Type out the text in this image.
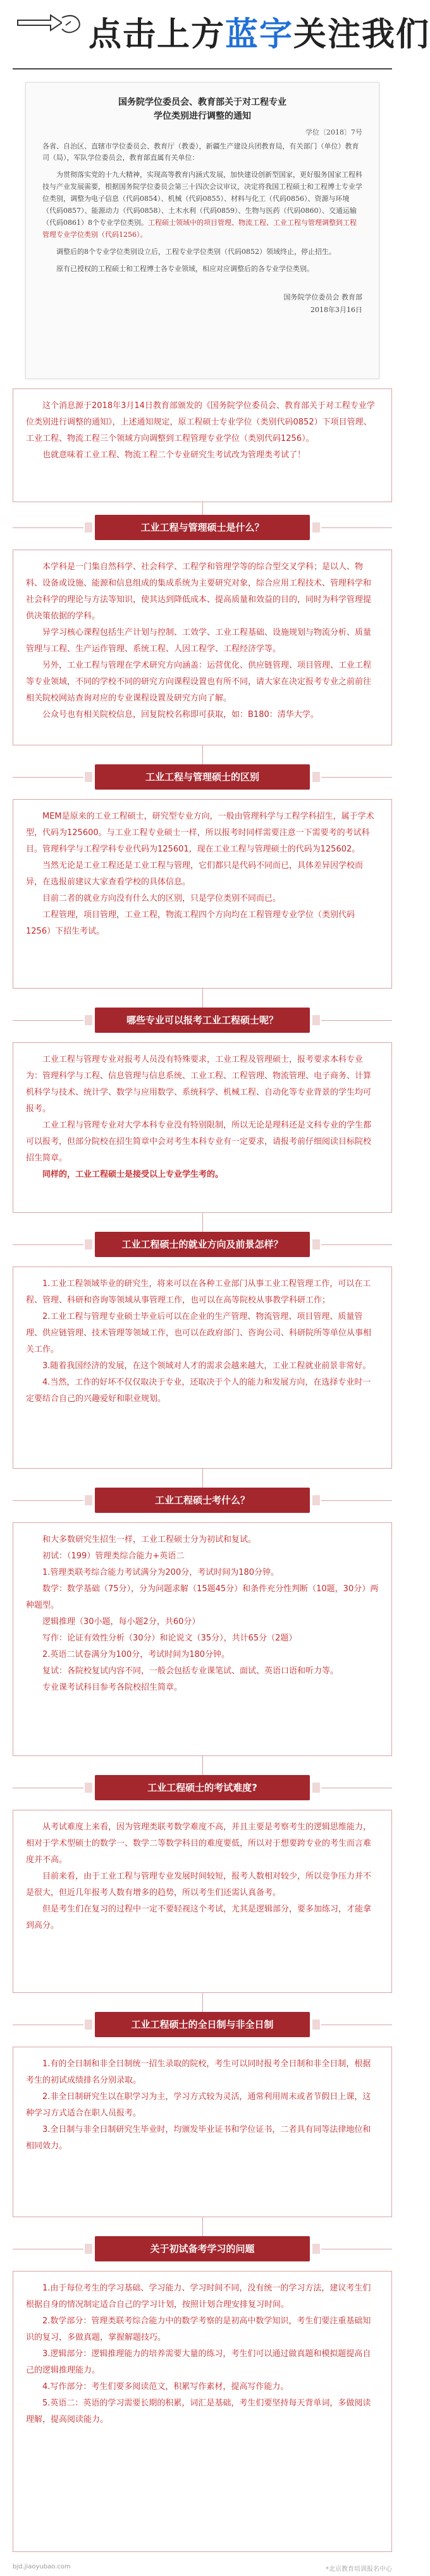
点击上方蓝字关注我们
国务院学位委员会、教育部关于对工程专业
学位类别进行调整的通知
学位〔2018〕7号
各省、自治区、直辖市学位委员会、教育厅（教委），新疆生产建设兵团教育局，有关部门（单位）教育司（局），军队学位委员会，教育部直属有关单位：
为贯彻落实党的十九大精神，实现高等教育内涵式发展，加快建设创新型国家，更好服务国家工程科技与产业发展需要，根据国务院学位委员会第三十四次会议审议，决定将我国工程硕士和工程博士专业学位类别，调整为电子信息（代码0854）、机械（代码0855）、材料与化工（代码0856）、资源与环境（代码0857）、能源动力（代码0858）、土木水利（代码0859）、生物与医药（代码0860）、交通运输（代码0861）8个专业学位类别。工程硕士领域中的项目管理、物流工程、工业工程与管理调整到工程管理专业学位类别（代码1256）。
调整后的8个专业学位类别设立后，工程专业学位类别（代码0852）领域终止，停止招生。
原有已授权的工程硕士和工程博士各专业领域，相应对应调整后的各专业学位类别。
国务院学位委员会 教育部
2018年3月16日

这个消息源于2018年3月14日教育部颁发的《国务院学位委员会、教育部关于对工程专业学位类别进行调整的通知》，上述通知规定，原工程硕士专业学位（类别代码0852）下项目管理、工业工程、物流工程三个领域方向调整到工程管理专业学位（类别代码1256）。

也就意味着工业工程、物流工程二个专业研究生考试改为管理类考试了！

工业工程与管理硕士是什么？

本学科是一门集自然科学、社会科学、工程学和管理学等的综合型交叉学科；是以人、物料、设备或设施、能源和信息组成的集成系统为主要研究对象，综合应用工程技术、管理科学和社会科学的理论与方法等知识，使其达到降低成本、提高质量和效益的目的，同时为科学管理提供决策依据的学科。

异学习核心课程包括生产计划与控制、工效学、工业工程基础、设施规划与物流分析、质量管理与工程、生产运作管理、系统工程、人因工程学、工程经济学等。

另外，工业工程与管理在学术研究方向涵盖：运营优化、供应链管理、项目管理、工业工程等专业领域，不同的学校不同的研究方向课程设置也有所不同，请大家在决定报考专业之前前往相关院校网站查询对应的专业课程设置及研究方向了解。

公众号也有相关院校信息，回复院校名称即可获取，如：B180：清华大学。

工业工程与管理硕士的区别

MEM是原来的工业工程硕士，研究型专业方向，一般由管理科学与工程学科招生，属于学术型，代码为125600。与工业工程专业硕士一样，所以报考时同样需要注意一下需要考的考试科目。管理科学与工程学科专业代码为125601，现在工业工程与管理硕士的代码为125602。

当然无论是工业工程还是工业工程与管理，它们都只是代码不同而已，具体差异因学校而异，在选报前建议大家查看学校的具体信息。

目前二者的就业方向没有什么大的区别，只是学位类别不同而已。

工程管理，项目管理，工业工程，物流工程四个方向均在工程管理专业学位（类别代码1256）下招生考试。

哪些专业可以报考工业工程硕士呢？

工业工程与管理专业对报考人员没有特殊要求，工业工程及管理硕士，报考要求本科专业为：管理科学与工程、信息管理与信息系统、工业工程、工程管理、物流管理、电子商务、计算机科学与技术、统计学、数学与应用数学、系统科学、机械工程、自动化等专业背景的学生均可报考。

工业工程与管理专业对大学本科专业没有特别限制，所以无论是理科还是文科专业的学生都可以报考，但部分院校在招生简章中会对考生本科专业有一定要求，请报考前仔细阅读目标院校招生简章。

同样的，工业工程硕士是接受以上专业学生考的。

工业工程硕士的就业方向及前景怎样？

1.工业工程领域毕业的研究生，将来可以在各种工业部门从事工业工程管理工作，可以在工程、管理、科研和咨询等领域从事管理工作，也可以在高等院校从事教学科研工作；

2.工业工程与管理专业硕士毕业后可以在企业的生产管理、物流管理、项目管理、质量管理、供应链管理、技术管理等领域工作，也可以在政府部门、咨询公司、科研院所等单位从事相关工作。

3.随着我国经济的发展，在这个领域对人才的需求会越来越大，工业工程就业前景非常好。

4.当然，工作的好坏不仅仅取决于专业，还取决于个人的能力和发展方向，在选择专业时一定要结合自己的兴趣爱好和职业规划。

工业工程硕士考什么？

和大多数研究生招生一样，工业工程硕士分为初试和复试。

初试：（199）管理类综合能力+英语二

1.管理类联考综合能力考试满分为200分，考试时间为180分钟。

数学：数学基础（75分），分为问题求解（15题45分）和条件充分性判断（10题，30分）两种题型。

逻辑推理（30小题，每小题2分，共60分）

写作：论证有效性分析（30分）和论说文（35分），共计65分（2题）

2.英语二试卷满分为100分，考试时间为180分钟。

复试：各院校复试内容不同，一般会包括专业课笔试、面试、英语口语和听力等。

专业课考试科目参考各院校招生简章。

工业工程硕士的考试难度?

从考试难度上来看，因为管理类联考数学难度不高，并且主要是考察考生的逻辑思维能力，相对于学术型硕士的数学一、数学二等数学科目的难度要低，所以对于想要跨专业的考生而言难度并不高。

目前来看，由于工业工程与管理专业发展时间较短，报考人数相对较少，所以竞争压力并不是很大，但近几年报考人数有增多的趋势，所以考生们还需认真备考。

但是考生们在复习的过程中一定不要轻视这个考试，尤其是逻辑部分，要多加练习，才能拿到高分。

工业工程硕士的全日制与非全日制

1.有的全日制和非全日制统一招生录取的院校，考生可以同时报考全日制和非全日制，根据考生的初试成绩排名分别录取。

2.非全日制研究生以在职学习为主，学习方式较为灵活，通常利用周末或者节假日上课，这种学习方式适合在职人员报考。

3.全日制与非全日制研究生毕业时，均颁发毕业证书和学位证书，二者具有同等法律地位和相同效力。

关于初试备考学习的问题

1.由于每位考生的学习基础、学习能力、学习时间不同，没有统一的学习方法，建议考生们根据自身的情况制定适合自己的学习计划，按照计划合理安排复习时间。

2.数学部分：管理类联考综合能力中的数学考察的是初高中数学知识，考生们要注重基础知识的复习，多做真题，掌握解题技巧。

3.逻辑部分：逻辑推理能力的培养需要大量的练习，考生们可以通过做真题和模拟题提高自己的逻辑推理能力。

4.写作部分：考生们要多阅读范文，积累写作素材，提高写作能力。

5.英语二：英语的学习需要长期的积累，词汇是基础，考生们要坚持每天背单词，多做阅读理解，提高阅读能力。

bjd.jiaoyubao.com	*北京教育培训报名中心
